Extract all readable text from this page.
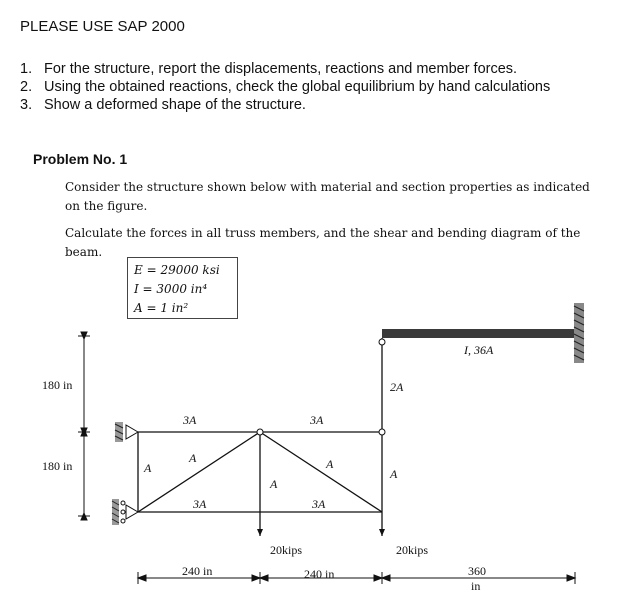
PLEASE USE SAP 2000
1. For the structure, report the displacements, reactions and member forces.
2. Using the obtained reactions, check the global equilibrium by hand calculations
3. Show a deformed shape of the structure.
Problem No. 1
Consider the structure shown below with material and section properties as indicated on the figure.
Calculate the forces in all truss members, and the shear and bending diagram of the beam.
E = 29000 ksi
I = 3000 in⁴
A = 1 in²
I, 36A
2A
A
3A	3A
3A	3A
A
A
A
A
20kips	20kips
180 in
180 in
240 in	240 in	360
in
